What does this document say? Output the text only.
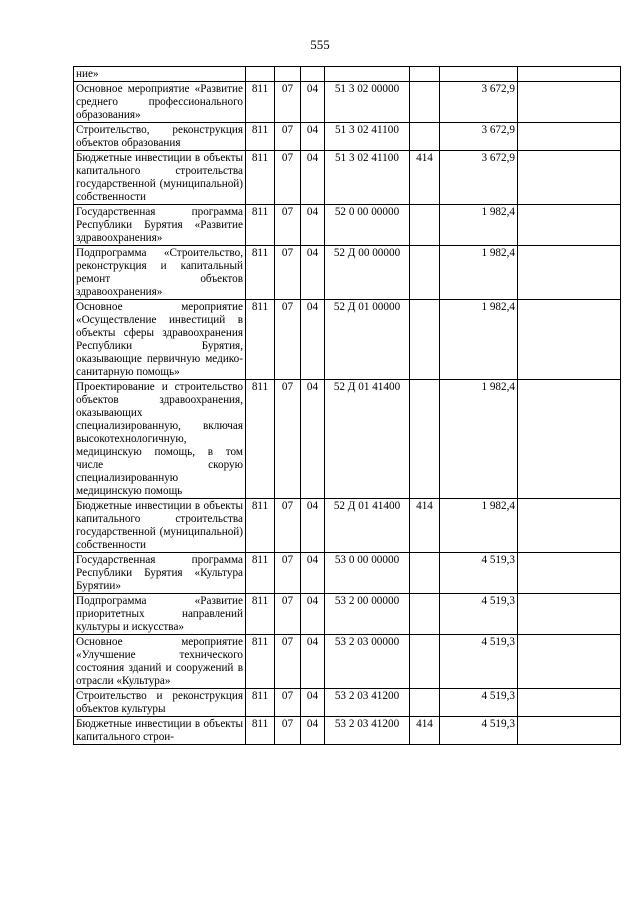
555
ние»							
Основное мероприятие «Развитие среднего профессионального образования»	811	07	04	51 3 02 00000		3 672,9	
Строительство, реконструкция объектов образования	811	07	04	51 3 02 41100		3 672,9	
Бюджетные инвестиции в объекты капитального строительства государственной (муниципальной) собственности	811	07	04	51 3 02 41100	414	3 672,9	
Государственная программа Республики Бурятия «Развитие здравоохранения»	811	07	04	52 0 00 00000		1 982,4	
Подпрограмма «Строительство, реконструкция и капитальный ремонт объектов здравоохранения»	811	07	04	52 Д 00 00000		1 982,4	
Основное мероприятие «Осуществление инвестиций в объекты сферы здравоохранения Республики Бурятия, оказывающие первичную медико-санитарную помощь»	811	07	04	52 Д 01 00000		1 982,4	
Проектирование и строительство объектов здравоохранения, оказывающих специализированную, включая высокотехнологичную, медицинскую помощь, в том числе скорую специализированную медицинскую помощь	811	07	04	52 Д 01 41400		1 982,4	
Бюджетные инвестиции в объекты капитального строительства государственной (муниципальной) собственности	811	07	04	52 Д 01 41400	414	1 982,4	
Государственная программа Республики Бурятия «Культура Бурятии»	811	07	04	53 0 00 00000		4 519,3	
Подпрограмма «Развитие приоритетных направлений культуры и искусства»	811	07	04	53 2 00 00000		4 519,3	
Основное мероприятие «Улучшение технического состояния зданий и сооружений в отрасли «Культура»	811	07	04	53 2 03 00000		4 519,3	
Строительство и реконструкция объектов культуры	811	07	04	53 2 03 41200		4 519,3	
Бюджетные инвестиции в объекты капитального строи-	811	07	04	53 2 03 41200	414	4 519,3	
